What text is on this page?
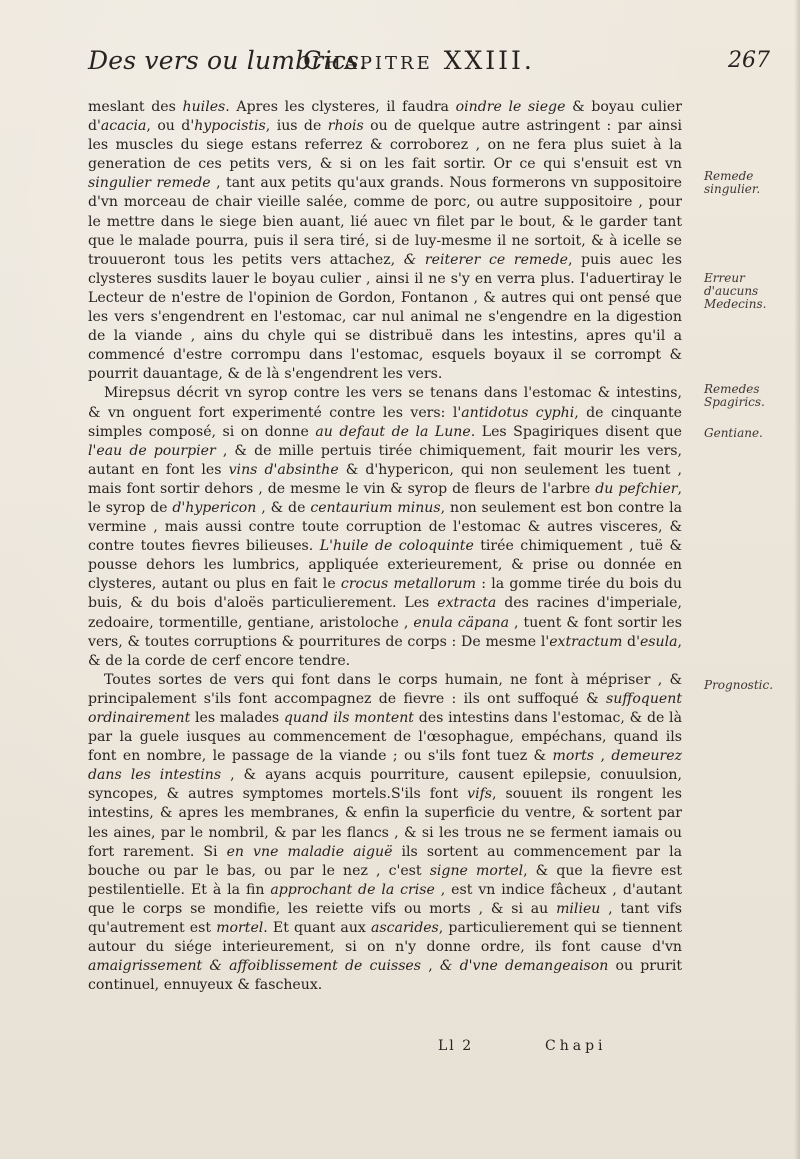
Des vers ou lumbrics.
Chapitre XXIII.	267

meslant des huiles. Apres les clysteres, il faudra oindre le siege & boyau culier d'acacia, ou d'hypocistis, ius de rhois ou de quelque autre astringent : par ainsi les muscles du siege estans referrez & corroborez , on ne fera plus suiet à la generation de ces petits vers, & si on les fait sortir. Or ce qui s'ensuit est vn singulier remede , tant aux petits qu'aux grands. Nous formerons vn suppositoire d'vn morceau de chair vieille salée, comme de porc, ou autre suppositoire , pour le mettre dans le siege bien auant, lié auec vn filet par le bout, & le garder tant que le malade pourra, puis il sera tiré, si de luy-mesme il ne sortoit, & à icelle se trouueront tous les petits vers attachez, & reiterer ce remede, puis auec les clysteres susdits lauer le boyau culier , ainsi il ne s'y en verra plus. I'aduertiray le Lecteur de n'estre de l'opinion de Gordon, Fontanon , & autres qui ont pensé que les vers s'engendrent en l'estomac, car nul animal ne s'engendre en la digestion de la viande , ains du chyle qui se distribuë dans les intestins, apres qu'il a commencé d'estre corrompu dans l'estomac, esquels boyaux il se corrompt & pourrit dauantage, & de là s'engendrent les vers.

Mirepsus décrit vn syrop contre les vers se tenans dans l'estomac & intestins, & vn onguent fort experimenté contre les vers: l'antidotus cyphi, de cinquante simples composé, si on donne au defaut de la Lune. Les Spagiriques disent que l'eau de pourpier , & de mille pertuis tirée chimiquement, fait mourir les vers, autant en font les vins d'absinthe & d'hypericon, qui non seulement les tuent , mais font sortir dehors , de mesme le vin & syrop de fleurs de l'arbre du pefchier, le syrop de d'hypericon , & de centaurium minus, non seulement est bon contre la vermine , mais aussi contre toute corruption de l'estomac & autres visceres, & contre toutes fievres bilieuses. L'huile de coloquinte tirée chimiquement , tuë & pousse dehors les lumbrics, appliquée exterieurement, & prise ou donnée en clysteres, autant ou plus en fait le crocus metallorum : la gomme tirée du bois du buis, & du bois d'aloës particulierement. Les extracta des racines d'imperiale, zedoaire, tormentille, gentiane, aristoloche , enula cäpana , tuent & font sortir les vers, & toutes corruptions & pourritures de corps : De mesme l'extractum d'esula, & de la corde de cerf encore tendre.

Toutes sortes de vers qui font dans le corps humain, ne font à mépriser , & principalement s'ils font accompagnez de fievre : ils ont suffoqué & suffoquent ordinairement les malades quand ils montent des intestins dans l'estomac, & de là par la guele iusques au commencement de l'œsophague, empéchans, quand ils font en nombre, le passage de la viande ; ou s'ils font tuez & morts , demeurez dans les intestins , & ayans acquis pourriture, causent epilepsie, conuulsion, syncopes, & autres symptomes mortels.S'ils font vifs, souuent ils rongent les intestins, & apres les membranes, & enfin la superficie du ventre, & sortent par les aines, par le nombril, & par les flancs , & si les trous ne se ferment iamais ou fort rarement. Si en vne maladie aiguë ils sortent au commencement par la bouche ou par le bas, ou par le nez , c'est signe mortel, & que la fievre est pestilentielle. Et à la fin approchant de la crise , est vn indice fâcheux , d'autant que le corps se mondifie, les reiette vifs ou morts , & si au milieu , tant vifs qu'autrement est mortel. Et quant aux ascarides, particulierement qui se tiennent autour du siége interieurement, si on n'y donne ordre, ils font cause d'vn amaigrissement & affoiblissement de cuisses , & d'vne demangeaison ou prurit continuel, ennuyeux & fascheux.

Remede singulier.
Erreur d'aucuns Medecins.
Remedes Spagirics.
Gentiane.
Prognostic.
Ll 2	Chapi
